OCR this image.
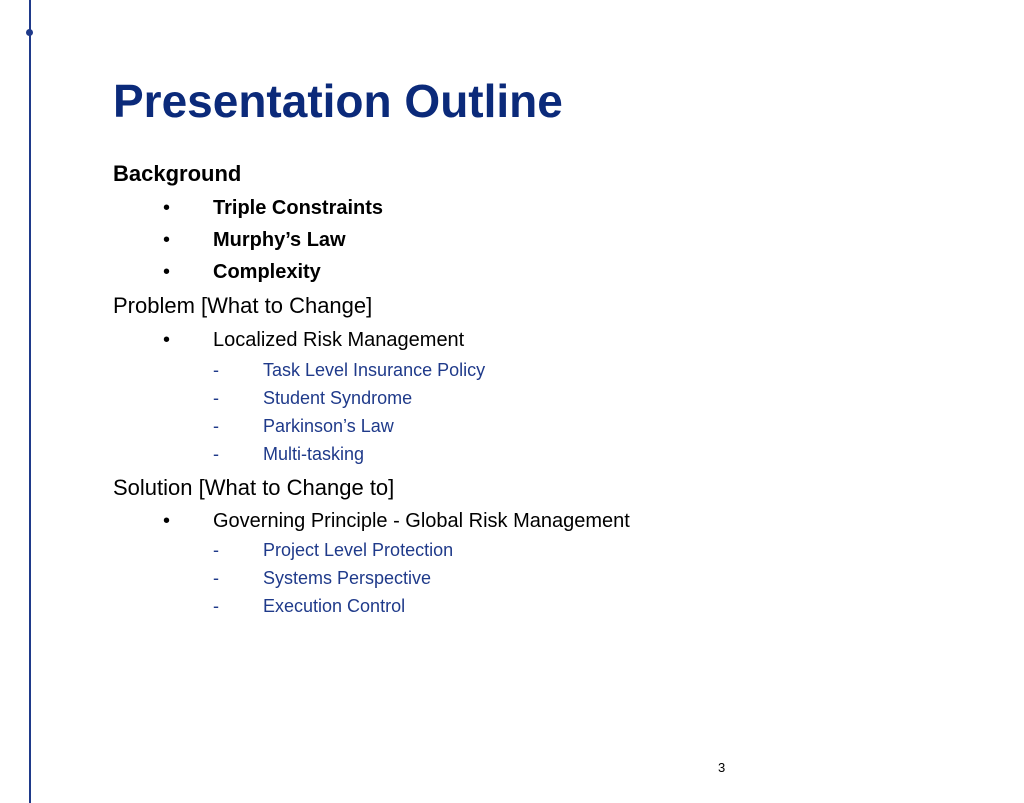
Presentation Outline
Background
• Triple Constraints
• Murphy’s Law
• Complexity
Problem [What to Change]
• Localized Risk Management
- Task Level Insurance Policy
- Student Syndrome
- Parkinson’s Law
- Multi-tasking
Solution [What to Change to]
• Governing Principle - Global Risk Management
- Project Level Protection
- Systems Perspective
- Execution Control
3
